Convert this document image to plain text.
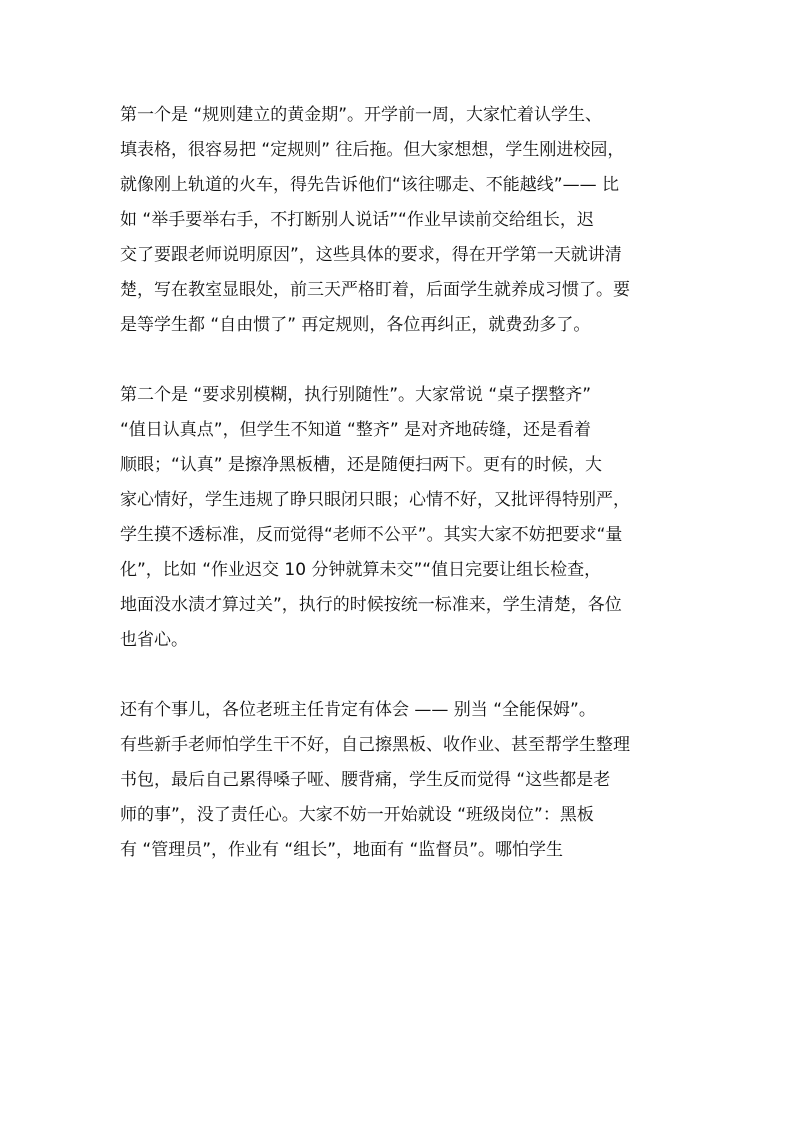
第一个是 “规则建立的黄金期”。开学前一周，大家忙着认学生、
填表格，很容易把 “定规则” 往后拖。但大家想想，学生刚进校园，
就像刚上轨道的火车，得先告诉他们“该往哪走、不能越线”—— 比
如 “举手要举右手，不打断别人说话”“作业早读前交给组长，迟
交了要跟老师说明原因”，这些具体的要求，得在开学第一天就讲清
楚，写在教室显眼处，前三天严格盯着，后面学生就养成习惯了。要
是等学生都 “自由惯了” 再定规则，各位再纠正，就费劲多了。

第二个是 “要求别模糊，执行别随性”。大家常说 “桌子摆整齐”
“值日认真点”，但学生不知道 “整齐” 是对齐地砖缝，还是看着
顺眼；“认真” 是擦净黑板槽，还是随便扫两下。更有的时候，大
家心情好，学生违规了睁只眼闭只眼；心情不好，又批评得特别严，
学生摸不透标准，反而觉得“老师不公平”。其实大家不妨把要求“量
化”，比如 “作业迟交 10 分钟就算未交”“值日完要让组长检查，
地面没水渍才算过关”，执行的时候按统一标准来，学生清楚，各位
也省心。

还有个事儿，各位老班主任肯定有体会 —— 别当 “全能保姆”。
有些新手老师怕学生干不好，自己擦黑板、收作业、甚至帮学生整理
书包，最后自己累得嗓子哑、腰背痛，学生反而觉得 “这些都是老
师的事”，没了责任心。大家不妨一开始就设 “班级岗位”：黑板
有 “管理员”，作业有 “组长”，地面有 “监督员”。哪怕学生
